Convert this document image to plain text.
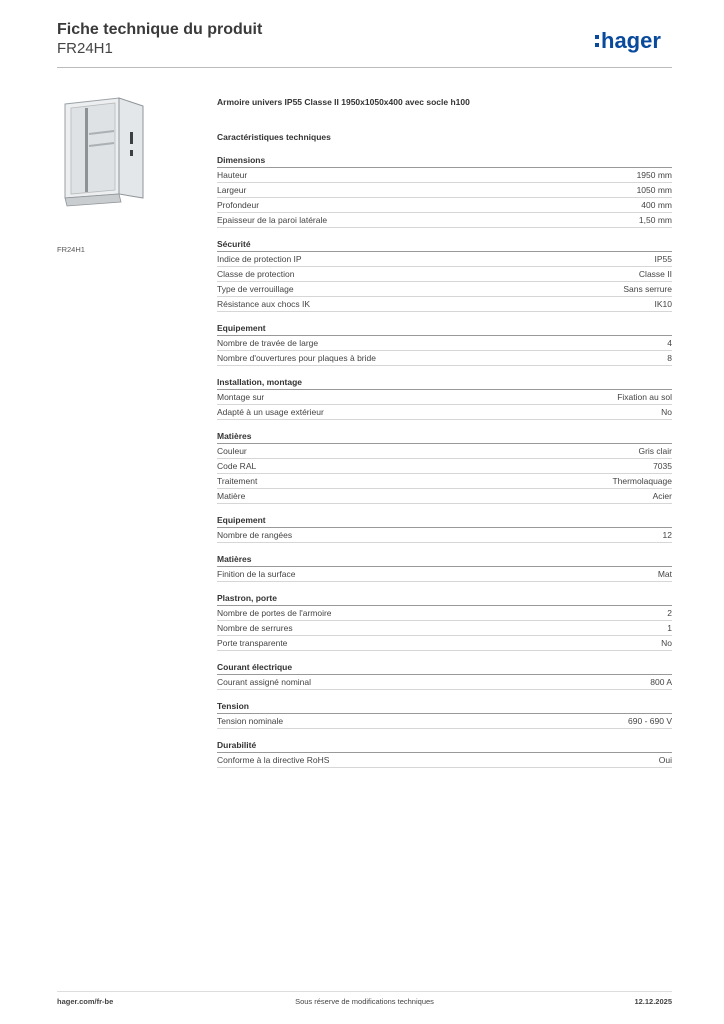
Fiche technique du produit
FR24H1	hager
FR24H1
Armoire univers IP55 Classe II 1950x1050x400 avec socle h100
Caractéristiques techniques
Dimensions
Hauteur	1950 mm
Largeur	1050 mm
Profondeur	400 mm
Epaisseur de la paroi latérale	1,50 mm
Sécurité
Indice de protection IP	IP55
Classe de protection	Classe II
Type de verrouillage	Sans serrure
Résistance aux chocs IK	IK10
Equipement
Nombre de travée de large	4
Nombre d'ouvertures pour plaques à bride	8
Installation, montage
Montage sur	Fixation au sol
Adapté à un usage extérieur	No
Matières
Couleur	Gris clair
Code RAL	7035
Traitement	Thermolaquage
Matière	Acier
Equipement
Nombre de rangées	12
Matières
Finition de la surface	Mat
Plastron, porte
Nombre de portes de l'armoire	2
Nombre de serrures	1
Porte transparente	No
Courant électrique
Courant assigné nominal	800 A
Tension
Tension nominale	690 - 690 V
Durabilité
Conforme à la directive RoHS	Oui
hager.com/fr-be	Sous réserve de modifications techniques	12.12.2025
